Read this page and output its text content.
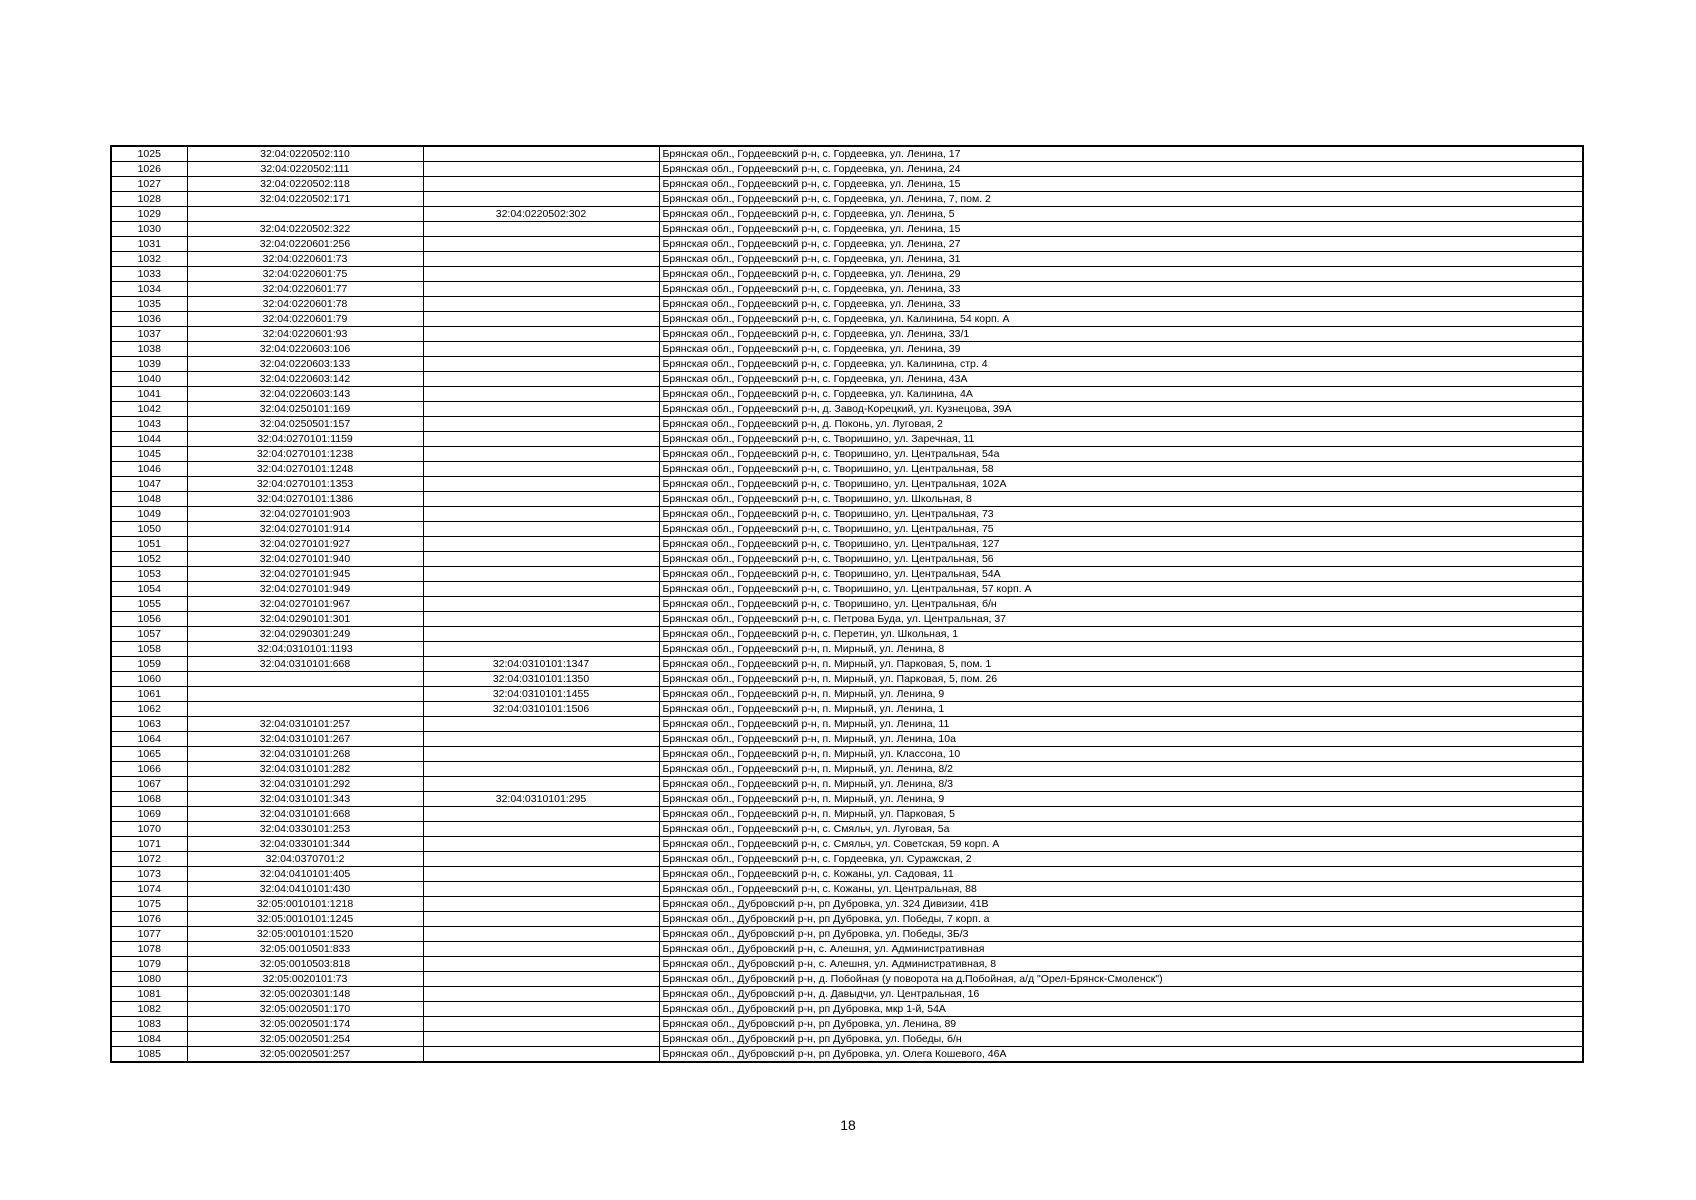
1025	32:04:0220502:110		Брянская обл., Гордеевский р-н, с. Гордеевка, ул. Ленина, 17
1026	32:04:0220502:111		Брянская обл., Гордеевский р-н, с. Гордеевка, ул. Ленина, 24
1027	32:04:0220502:118		Брянская обл., Гордеевский р-н, с. Гордеевка, ул. Ленина, 15
1028	32:04:0220502:171		Брянская обл., Гордеевский р-н, с. Гордеевка, ул. Ленина, 7, пом. 2
1029		32:04:0220502:302	Брянская обл., Гордеевский р-н, с. Гордеевка, ул. Ленина, 5
1030	32:04:0220502:322		Брянская обл., Гордеевский р-н, с. Гордеевка, ул. Ленина, 15
1031	32:04:0220601:256		Брянская обл., Гордеевский р-н, с. Гордеевка, ул. Ленина, 27
1032	32:04:0220601:73		Брянская обл., Гордеевский р-н, с. Гордеевка, ул. Ленина, 31
1033	32:04:0220601:75		Брянская обл., Гордеевский р-н, с. Гордеевка, ул. Ленина, 29
1034	32:04:0220601:77		Брянская обл., Гордеевский р-н, с. Гордеевка, ул. Ленина, 33
1035	32:04:0220601:78		Брянская обл., Гордеевский р-н, с. Гордеевка, ул. Ленина, 33
1036	32:04:0220601:79		Брянская обл., Гордеевский р-н, с. Гордеевка, ул. Калинина, 54 корп. А
1037	32:04:0220601:93		Брянская обл., Гордеевский р-н, с. Гордеевка, ул. Ленина, 33/1
1038	32:04:0220603:106		Брянская обл., Гордеевский р-н, с. Гордеевка, ул. Ленина, 39
1039	32:04:0220603:133		Брянская обл., Гордеевский р-н, с. Гордеевка, ул. Калинина, стр. 4
1040	32:04:0220603:142		Брянская обл., Гордеевский р-н, с. Гордеевка, ул. Ленина, 43А
1041	32:04:0220603:143		Брянская обл., Гордеевский р-н, с. Гордеевка, ул. Калинина, 4А
1042	32:04:0250101:169		Брянская обл., Гордеевский р-н, д. Завод-Корецкий, ул. Кузнецова, 39А
1043	32:04:0250501:157		Брянская обл., Гордеевский р-н, д. Поконь, ул. Луговая, 2
1044	32:04:0270101:1159		Брянская обл., Гордеевский р-н, с. Творишино, ул. Заречная, 11
1045	32:04:0270101:1238		Брянская обл., Гордеевский р-н, с. Творишино, ул. Центральная, 54а
1046	32:04:0270101:1248		Брянская обл., Гордеевский р-н, с. Творишино, ул. Центральная, 58
1047	32:04:0270101:1353		Брянская обл., Гордеевский р-н, с. Творишино, ул. Центральная, 102А
1048	32:04:0270101:1386		Брянская обл., Гордеевский р-н, с. Творишино, ул. Школьная, 8
1049	32:04:0270101:903		Брянская обл., Гордеевский р-н, с. Творишино, ул. Центральная, 73
1050	32:04:0270101:914		Брянская обл., Гордеевский р-н, с. Творишино, ул. Центральная, 75
1051	32:04:0270101:927		Брянская обл., Гордеевский р-н, с. Творишино, ул. Центральная, 127
1052	32:04:0270101:940		Брянская обл., Гордеевский р-н, с. Творишино, ул. Центральная, 56
1053	32:04:0270101:945		Брянская обл., Гордеевский р-н, с. Творишино, ул. Центральная, 54А
1054	32:04:0270101:949		Брянская обл., Гордеевский р-н, с. Творишино, ул. Центральная, 57 корп. А
1055	32:04:0270101:967		Брянская обл., Гордеевский р-н, с. Творишино, ул. Центральная, б/н
1056	32:04:0290101:301		Брянская обл., Гордеевский р-н, с. Петрова Буда, ул. Центральная, 37
1057	32:04:0290301:249		Брянская обл., Гордеевский р-н, с. Перетин, ул. Школьная, 1
1058	32:04:0310101:1193		Брянская обл., Гордеевский р-н, п. Мирный, ул. Ленина, 8
1059	32:04:0310101:668	32:04:0310101:1347	Брянская обл., Гордеевский р-н, п. Мирный, ул. Парковая, 5, пом. 1
1060		32:04:0310101:1350	Брянская обл., Гордеевский р-н, п. Мирный, ул. Парковая, 5, пом. 26
1061		32:04:0310101:1455	Брянская обл., Гордеевский р-н, п. Мирный, ул. Ленина, 9
1062		32:04:0310101:1506	Брянская обл., Гордеевский р-н, п. Мирный, ул. Ленина, 1
1063	32:04:0310101:257		Брянская обл., Гордеевский р-н, п. Мирный, ул. Ленина, 11
1064	32:04:0310101:267		Брянская обл., Гордеевский р-н, п. Мирный, ул. Ленина, 10а
1065	32:04:0310101:268		Брянская обл., Гордеевский р-н, п. Мирный, ул. Классона, 10
1066	32:04:0310101:282		Брянская обл., Гордеевский р-н, п. Мирный, ул. Ленина, 8/2
1067	32:04:0310101:292		Брянская обл., Гордеевский р-н, п. Мирный, ул. Ленина, 8/3
1068	32:04:0310101:343	32:04:0310101:295	Брянская обл., Гордеевский р-н, п. Мирный, ул. Ленина, 9
1069	32:04:0310101:668		Брянская обл., Гордеевский р-н, п. Мирный, ул. Парковая, 5
1070	32:04:0330101:253		Брянская обл., Гордеевский р-н, с. Смяльч, ул. Луговая, 5а
1071	32:04:0330101:344		Брянская обл., Гордеевский р-н, с. Смяльч, ул. Советская, 59 корп. А
1072	32:04:0370701:2		Брянская обл., Гордеевский р-н, с. Гордеевка, ул. Суражская, 2
1073	32:04:0410101:405		Брянская обл., Гордеевский р-н, с. Кожаны, ул. Садовая, 11
1074	32:04:0410101:430		Брянская обл., Гордеевский р-н, с. Кожаны, ул. Центральная, 88
1075	32:05:0010101:1218		Брянская обл., Дубровский р-н, рп Дубровка, ул. 324 Дивизии, 41В
1076	32:05:0010101:1245		Брянская обл., Дубровский р-н, рп Дубровка, ул. Победы, 7 корп. а
1077	32:05:0010101:1520		Брянская обл., Дубровский р-н, рп Дубровка, ул. Победы, 3Б/3
1078	32:05:0010501:833		Брянская обл., Дубровский р-н, с. Алешня, ул. Административная
1079	32:05:0010503:818		Брянская обл., Дубровский р-н, с. Алешня, ул. Административная, 8
1080	32:05:0020101:73		Брянская обл., Дубровский р-н, д. Побойная (у поворота на д.Побойная, а/д "Орел-Брянск-Смоленск")
1081	32:05:0020301:148		Брянская обл., Дубровский р-н, д. Давыдчи, ул. Центральная, 16
1082	32:05:0020501:170		Брянская обл., Дубровский р-н, рп Дубровка, мкр 1-й, 54А
1083	32:05:0020501:174		Брянская обл., Дубровский р-н, рп Дубровка, ул. Ленина, 89
1084	32:05:0020501:254		Брянская обл., Дубровский р-н, рп Дубровка, ул. Победы, б/н
1085	32:05:0020501:257		Брянская обл., Дубровский р-н, рп Дубровка, ул. Олега Кошевого, 46А
18
